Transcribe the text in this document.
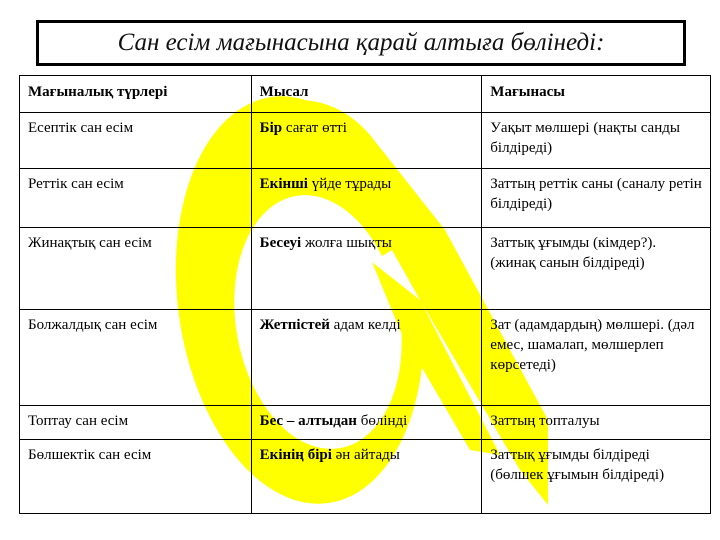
Сан есім мағынасына қарай алтыға бөлінеді:
Мағыналық түрлері	Мысал	Мағынасы
Есептік сан есім	Бір сағат өтті	Уақыт мөлшері (нақты санды білдіреді)
Реттік сан есім	Екінші үйде тұрады	Заттың реттік саны (саналу ретін білдіреді)
Жинақтық сан есім	Бесеуі жолға шықты	Заттық ұғымды (кімдер?). (жинақ санын білдіреді)
Болжалдық сан есім	Жетпістей адам келді	Зат (адамдардың) мөлшері. (дәл емес, шамалап, мөлшерлеп көрсетеді)
Топтау сан есім	Бес – алтыдан бөлінді	Заттың топталуы
Бөлшектік сан есім	Екінің бірі ән айтады	Заттық ұғымды білдіреді (бөлшек ұғымын білдіреді)
